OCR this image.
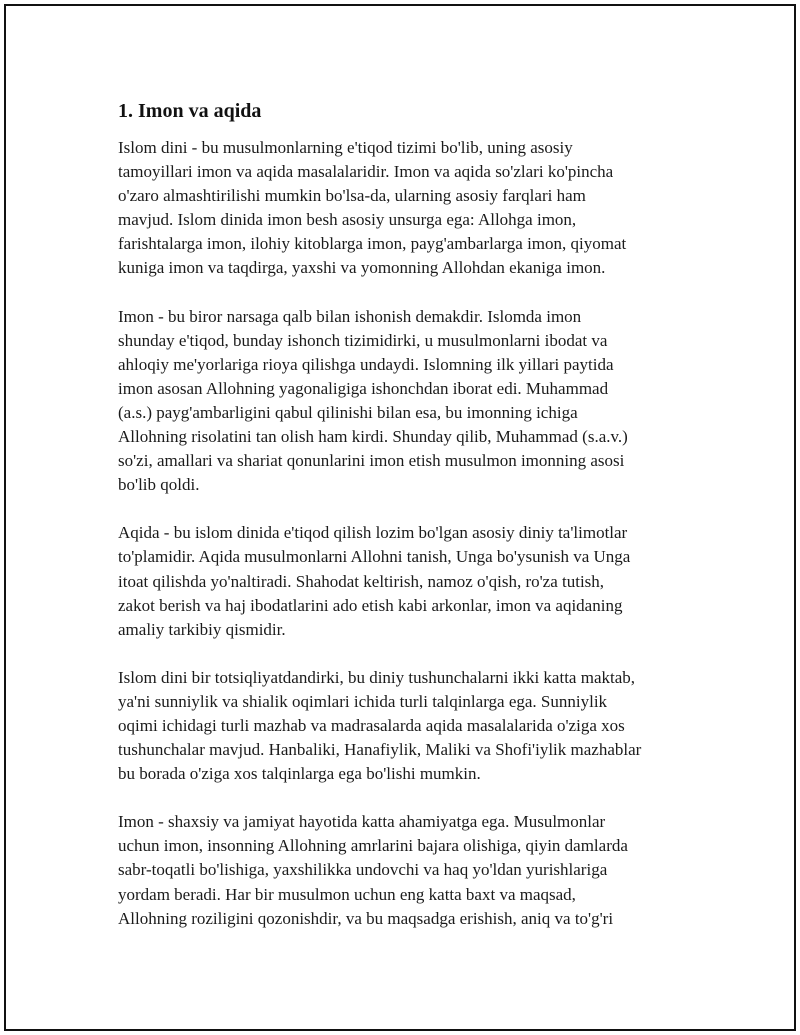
1. Imon va aqida

Islom dini - bu musulmonlarning e'tiqod tizimi bo'lib, uning asosiy
tamoyillari imon va aqida masalalaridir. Imon va aqida so'zlari ko'pincha
o'zaro almashtirilishi mumkin bo'lsa-da, ularning asosiy farqlari ham
mavjud. Islom dinida imon besh asosiy unsurga ega: Allohga imon,
farishtalarga imon, ilohiy kitoblarga imon, payg'ambarlarga imon, qiyomat
kuniga imon va taqdirga, yaxshi va yomonning Allohdan ekaniga imon.

Imon - bu biror narsaga qalb bilan ishonish demakdir. Islomda imon
shunday e'tiqod, bunday ishonch tizimidirki, u musulmonlarni ibodat va
ahloqiy me'yorlariga rioya qilishga undaydi. Islomning ilk yillari paytida
imon asosan Allohning yagonaligiga ishonchdan iborat edi. Muhammad
(a.s.) payg'ambarligini qabul qilinishi bilan esa, bu imonning ichiga
Allohning risolatini tan olish ham kirdi. Shunday qilib, Muhammad (s.a.v.)
so'zi, amallari va shariat qonunlarini imon etish musulmon imonning asosi
bo'lib qoldi.

Aqida - bu islom dinida e'tiqod qilish lozim bo'lgan asosiy diniy ta'limotlar
to'plamidir. Aqida musulmonlarni Allohni tanish, Unga bo'ysunish va Unga
itoat qilishda yo'naltiradi. Shahodat keltirish, namoz o'qish, ro'za tutish,
zakot berish va haj ibodatlarini ado etish kabi arkonlar, imon va aqidaning
amaliy tarkibiy qismidir.

Islom dini bir totsiqliyatdandirki, bu diniy tushunchalarni ikki katta maktab,
ya'ni sunniylik va shialik oqimlari ichida turli talqinlarga ega. Sunniylik
oqimi ichidagi turli mazhab va madrasalarda aqida masalalarida o'ziga xos
tushunchalar mavjud. Hanbaliki, Hanafiylik, Maliki va Shofi'iylik mazhablar
bu borada o'ziga xos talqinlarga ega bo'lishi mumkin.

Imon - shaxsiy va jamiyat hayotida katta ahamiyatga ega. Musulmonlar
uchun imon, insonning Allohning amrlarini bajara olishiga, qiyin damlarda
sabr-toqatli bo'lishiga, yaxshilikka undovchi va haq yo'ldan yurishlariga
yordam beradi. Har bir musulmon uchun eng katta baxt va maqsad,
Allohning roziligini qozonishdir, va bu maqsadga erishish, aniq va to'g'ri
